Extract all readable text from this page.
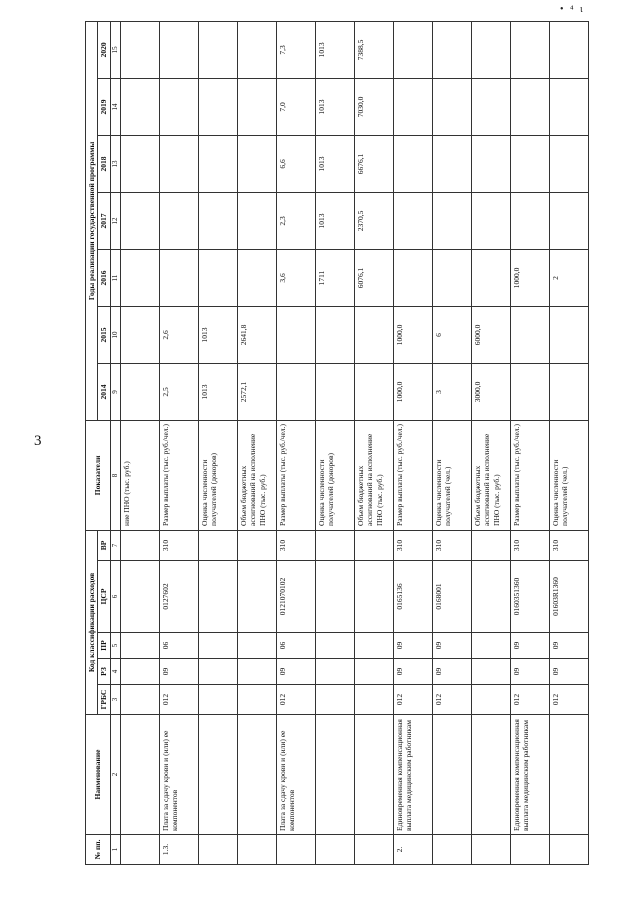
3
• ⁴ ɩ
№ пп.	Наименование	Код классификации расходов					Показатели	Годы реализации государственной программы						
		ГРБС	РЗ	ПР	ЦСР	ВР		2014	2015	2016	2017	2018	2019	2020
1	2	3	4	5	6	7	8	9	10	11	12	13	14	15
							ние ПНО (тыс. руб.)							
1.3.	Плата за сдачу крови и (или) ее компонентов	012	09	06	0127602	310	Размер выплаты (тыс. руб./чел.)	2,5	2,6					
							Оценка численности получателей (доноров)	1013	1013					
							Объем бюджетных ассигнований на исполнение ПНО (тыс. руб.)	2572,1	2641,8					
	Плата за сдачу крови и (или) ее компонентов	012	09	06	0121070102	310	Размер выплаты (тыс. руб./чел.)			3,6	2,3	6,6	7,0	7,3
							Оценка численности получателей (доноров)			1711	1013	1013	1013	1013
							Объем бюджетных ассигнований на исполнение ПНО (тыс. руб.)			6076,1	2370,5	6676,1	7030,0	7388,5
2.	Единовременная компенсационная выплата медицинским работникам	012	09	09	0165136	310	Размер выплаты (тыс. руб./чел.)	1000,0	1000,0					
		012	09	09	0168001	310	Оценка численности получателей (чел.)	3	6					
							Объем бюджетных ассигнований на исполнение ПНО (тыс. руб.)	3000,0	6000,0					
	Единовременная компенсационная выплата медицинским работникам	012	09	09	0160351360	310	Размер выплаты (тыс. руб./чел.)			1000,0				
		012	09	09	01603R1360	310	Оценка численности получателей (чел.)			2				
